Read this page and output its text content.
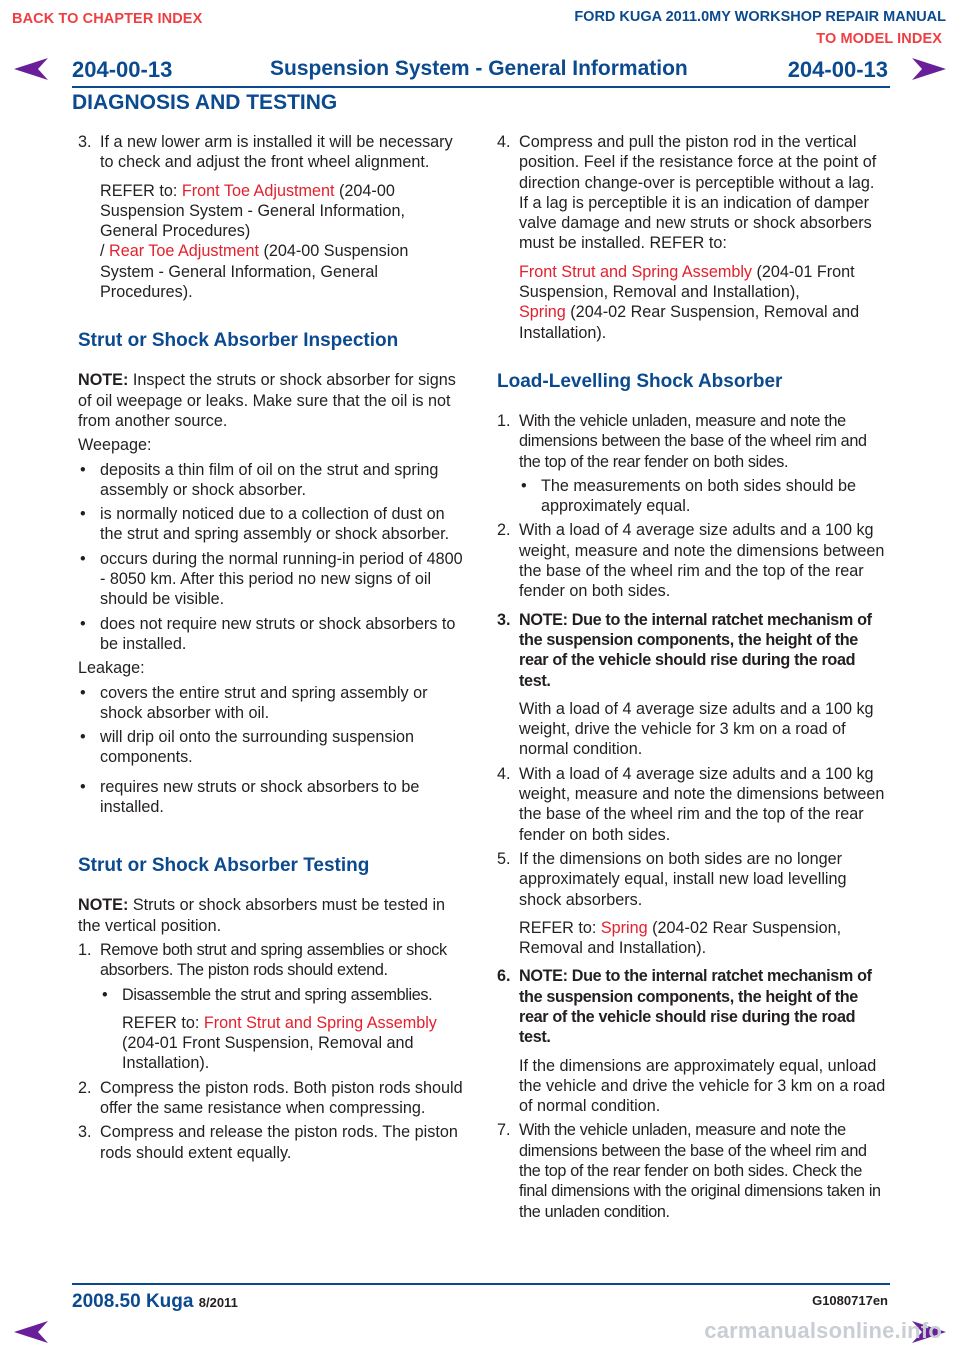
BACK TO CHAPTER INDEX	FORD KUGA 2011.0MY WORKSHOP REPAIR MANUAL
TO MODEL INDEX
204-00-13	Suspension System - General Information	204-00-13
DIAGNOSIS AND TESTING
3. If a new lower arm is installed it will be necessary to check and adjust the front wheel alignment.

REFER to: Front Toe Adjustment (204-00 Suspension System - General Information, General Procedures)

/ Rear Toe Adjustment (204-00 Suspension System - General Information, General Procedures).

Strut or Shock Absorber Inspection

NOTE: Inspect the struts or shock absorber for signs of oil weepage or leaks. Make sure that the oil is not from another source.

Weepage:

• deposits a thin film of oil on the strut and spring assembly or shock absorber.

• is normally noticed due to a collection of dust on the strut and spring assembly or shock absorber.

• occurs during the normal running-in period of 4800 - 8050 km. After this period no new signs of oil should be visible.

• does not require new struts or shock absorbers to be installed.

Leakage:

• covers the entire strut and spring assembly or shock absorber with oil.

• will drip oil onto the surrounding suspension components.

• requires new struts or shock absorbers to be installed.

Strut or Shock Absorber Testing

NOTE: Struts or shock absorbers must be tested in the vertical position.

1. Remove both strut and spring assemblies or shock absorbers. The piston rods should extend.

• Disassemble the strut and spring assemblies.

REFER to: Front Strut and Spring Assembly (204-01 Front Suspension, Removal and Installation).

2. Compress the piston rods. Both piston rods should offer the same resistance when compressing.

3. Compress and release the piston rods. The piston rods should extent equally.

4. Compress and pull the piston rod in the vertical position. Feel if the resistance force at the point of direction change-over is perceptible without a lag. If a lag is perceptible it is an indication of damper valve damage and new struts or shock absorbers must be installed. REFER to:

Front Strut and Spring Assembly (204-01 Front Suspension, Removal and Installation),

Spring (204-02 Rear Suspension, Removal and Installation).

Load-Levelling Shock Absorber

1. With the vehicle unladen, measure and note the dimensions between the base of the wheel rim and the top of the rear fender on both sides.

• The measurements on both sides should be approximately equal.

2. With a load of 4 average size adults and a 100 kg weight, measure and note the dimensions between the base of the wheel rim and the top of the rear fender on both sides.

3. NOTE: Due to the internal ratchet mechanism of the suspension components, the height of the rear of the vehicle should rise during the road test.

With a load of 4 average size adults and a 100 kg weight, drive the vehicle for 3 km on a road of normal condition.

4. With a load of 4 average size adults and a 100 kg weight, measure and note the dimensions between the base of the wheel rim and the top of the rear fender on both sides.

5. If the dimensions on both sides are no longer approximately equal, install new load levelling shock absorbers.

REFER to: Spring (204-02 Rear Suspension, Removal and Installation).

6. NOTE: Due to the internal ratchet mechanism of the suspension components, the height of the rear of the vehicle should rise during the road test.

If the dimensions are approximately equal, unload the vehicle and drive the vehicle for 3 km on a road of normal condition.

7. With the vehicle unladen, measure and note the dimensions between the base of the wheel rim and the top of the rear fender on both sides. Check the final dimensions with the original dimensions taken in the unladen condition.

2008.50 Kuga 8/2011	G1080717en
carmanualsonline.info
